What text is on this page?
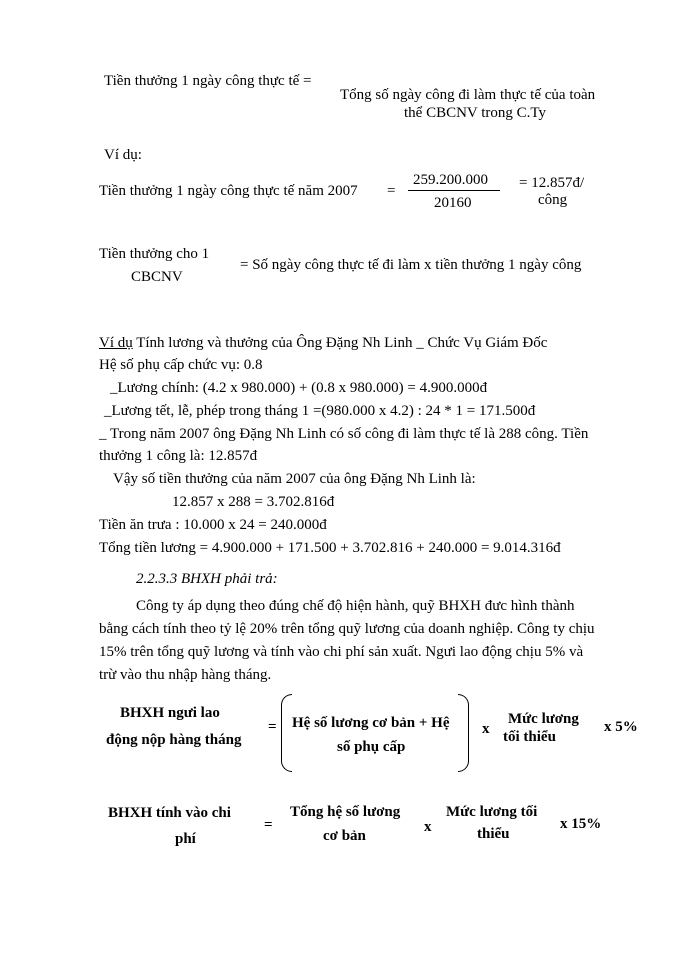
Tiền thưởng 1 ngày công thực tế =
Tổng số ngày công đi làm thực tế của toàn
thể CBCNV trong C.Ty
Ví dụ:
Tiền thưởng 1 ngày công thực tế năm 2007 =
259.200.000
20160
= 12.857đ/
công
Tiền thưởng cho 1
CBCNV
= Số ngày công thực tế đi làm x tiền thưởng 1 ngày công
Ví dụ Tính lương và thưởng của Ông Đặng Nh Linh _ Chức Vụ Giám Đốc
Hệ số phụ cấp chức vụ: 0.8
_Lương chính: (4.2 x 980.000) + (0.8 x 980.000) = 4.900.000đ
_Lương tết, lễ, phép trong tháng 1 =(980.000 x 4.2) : 24 * 1 = 171.500đ
_ Trong năm 2007 ông Đặng Nh Linh có số công đi làm thực tế là 288 công. Tiền
thưởng 1 công là: 12.857đ
Vậy số tiền thưởng của năm 2007 của ông Đặng Nh Linh là:
12.857 x 288 = 3.702.816đ
Tiền ăn trưa : 10.000 x 24 = 240.000đ
Tổng tiền lương = 4.900.000 + 171.500 + 3.702.816 + 240.000 = 9.014.316đ
2.2.3.3 BHXH phải trả:
Công ty áp dụng theo đúng chế độ hiện hành, quỹ BHXH đưc hình thành
bằng cách tính theo tỷ lệ 20% trên tổng quỹ lương của doanh nghiệp. Công ty chịu
15% trên tổng quỹ lương và tính vào chi phí sản xuất. Ngưi lao động chịu 5% và
trừ vào thu nhập hàng tháng.
BHXH ngưi lao
động nộp hàng tháng
= Hệ số lương cơ bản + Hệ
số phụ cấp
x
Mức lương
tối thiểu
x 5%
BHXH tính vào chi
phí
=
Tổng hệ số lương
cơ bản
x
Mức lương tối
thiểu
x 15%
